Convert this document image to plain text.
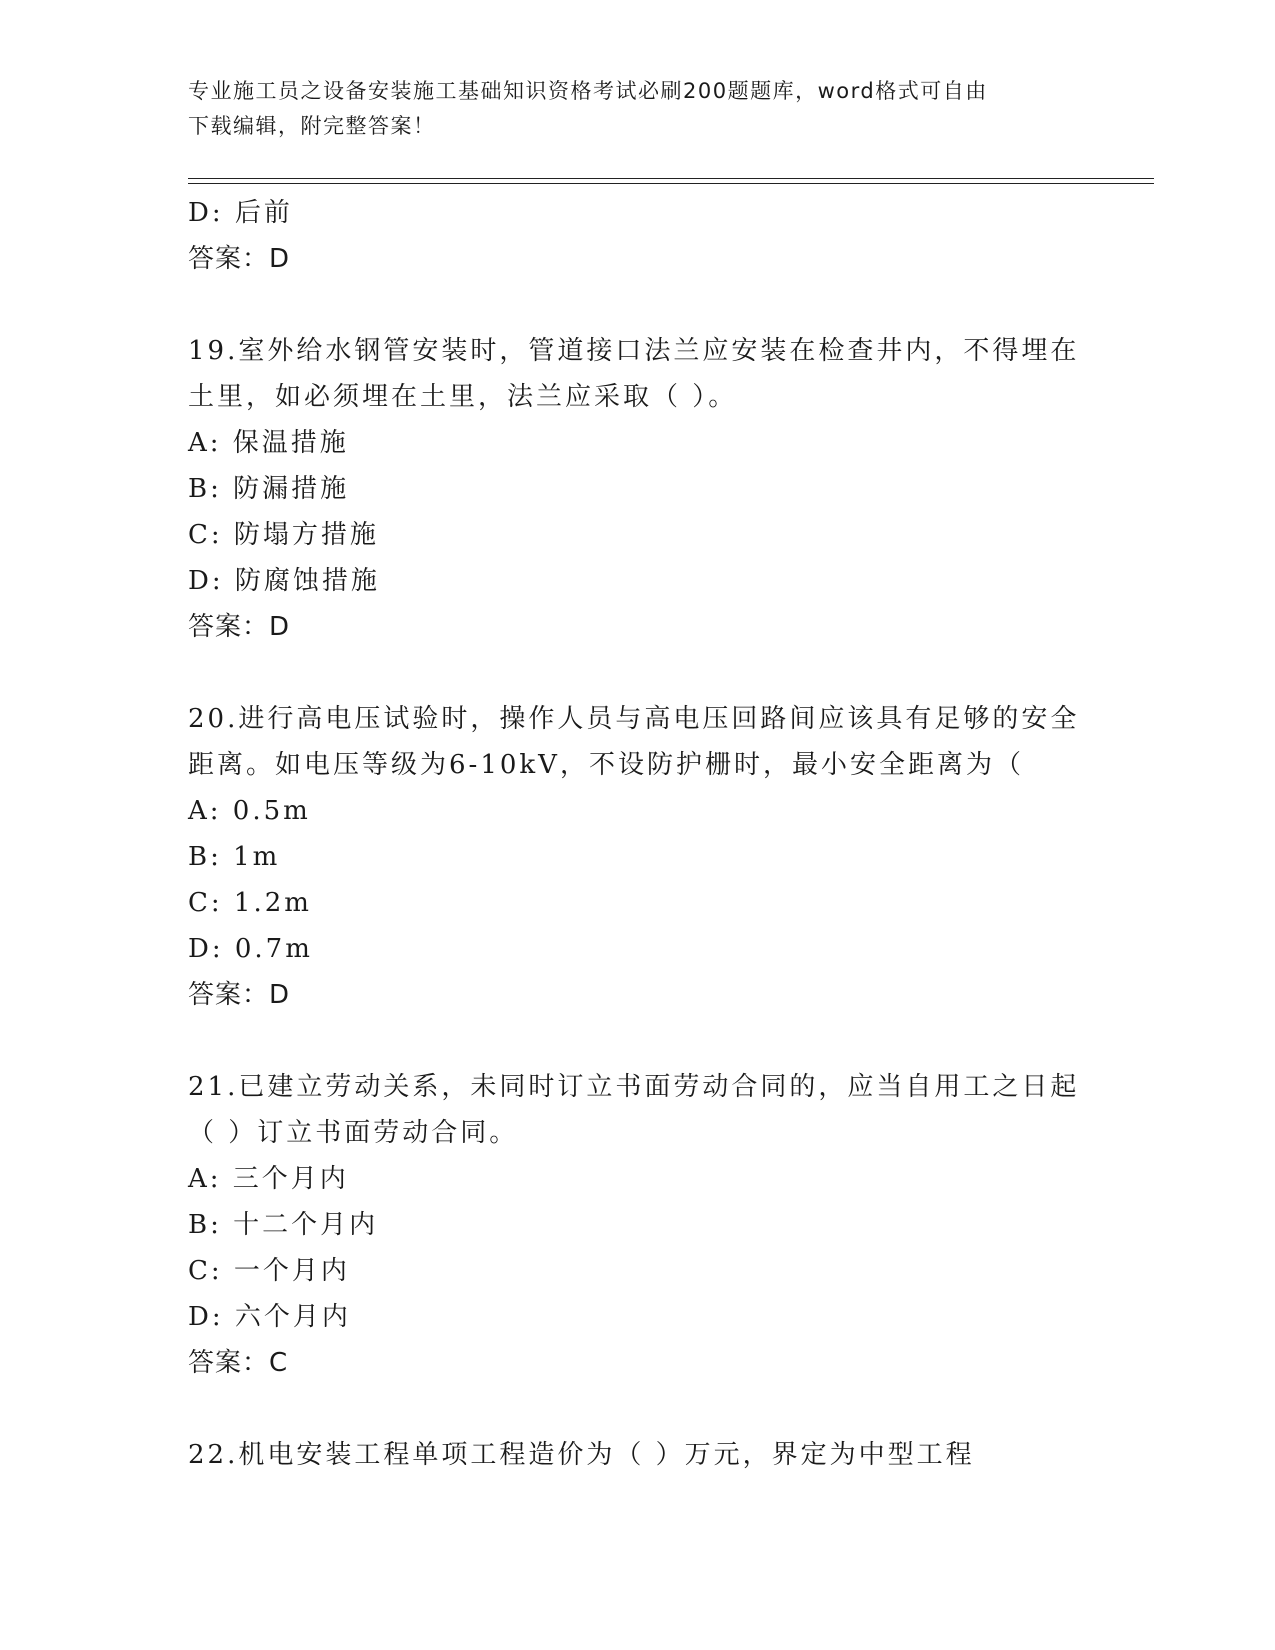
专业施工员之设备安装施工基础知识资格考试必刷200题题库，word格式可自由
下载编辑，附完整答案！
D: 后前
答案：D
19.室外给水钢管安装时，管道接口法兰应安装在检查井内，不得埋在
土里，如必须埋在土里，法兰应采取（ ）。
A: 保温措施
B: 防漏措施
C: 防塌方措施
D: 防腐蚀措施
答案：D
20.进行高电压试验时，操作人员与高电压回路间应该具有足够的安全
距离。如电压等级为6-10kV，不设防护栅时，最小安全距离为（
A: 0.5m
B: 1m
C: 1.2m
D: 0.7m
答案：D
21.已建立劳动关系，未同时订立书面劳动合同的，应当自用工之日起
（ ）订立书面劳动合同。
A: 三个月内
B: 十二个月内
C: 一个月内
D: 六个月内
答案：C
22.机电安装工程单项工程造价为（ ）万元，界定为中型工程
